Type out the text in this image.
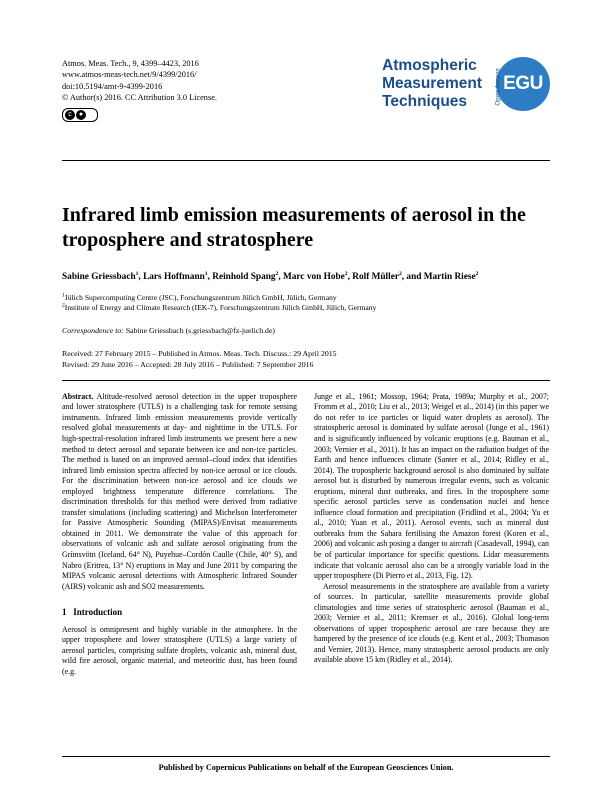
Atmos. Meas. Tech., 9, 4399–4423, 2016
www.atmos-meas-tech.net/9/4399/2016/
doi:10.5194/amt-9-4399-2016
© Author(s) 2016. CC Attribution 3.0 License.
c	●
Atmospheric
Measurement
Techniques	Open Access EGU
Infrared limb emission measurements of aerosol in the troposphere and stratosphere
Sabine Griessbach$^1$, Lars Hoffmann$^1$, Reinhold Spang$^2$, Marc von Hobe$^2$, Rolf Müller$^2$, and Martin Riese$^2$
$^1$Jülich Supercomputing Centre (JSC), Forschungszentrum Jülich GmbH, Jülich, Germany
$^2$Institute of Energy and Climate Research (IEK-7), Forschungszentrum Jülich GmbH, Jülich, Germany
Correspondence to: Sabine Griessbach (s.griessbach@fz-juelich.de)
Received: 27 February 2015 – Published in Atmos. Meas. Tech. Discuss.: 29 April 2015
Revised: 29 June 2016 – Accepted: 28 July 2016 – Published: 7 September 2016

Abstract. Altitude-resolved aerosol detection in the upper troposphere and lower stratosphere (UTLS) is a challenging task for remote sensing instruments. Infrared limb emission measurements provide vertically resolved global measurements at day- and nighttime in the UTLS. For high-spectral-resolution infrared limb instruments we present here a new method to detect aerosol and separate between ice and non-ice particles. The method is based on an improved aerosol–cloud index that identifies infrared limb emission spectra affected by non-ice aerosol or ice clouds. For the discrimination between non-ice aerosol and ice clouds we employed brightness temperature difference correlations. The discrimination thresholds for this method were derived from radiative transfer simulations (including scattering) and Michelson Interferometer for Passive Atmospheric Sounding (MIPAS)/Envisat measurements obtained in 2011. We demonstrate the value of this approach for observations of volcanic ash and sulfate aerosol originating from the Grímsvötn (Iceland, 64° N), Puyehue–Cordón Caulle (Chile, 40° S), and Nabro (Eritrea, 13° N) eruptions in May and June 2011 by comparing the MIPAS volcanic aerosol detections with Atmospheric Infrared Sounder (AIRS) volcanic ash and SO2 measurements.

1 Introduction

Aerosol is omnipresent and highly variable in the atmosphere. In the upper troposphere and lower stratosphere (UTLS) a large variety of aerosol particles, comprising sulfate droplets, volcanic ash, mineral dust, wild fire aerosol, organic material, and meteoritic dust, has been found (e.g.

Junge et al., 1961; Mossop, 1964; Prata, 1989a; Murphy et al., 2007; Fromm et al., 2010; Liu et al., 2013; Weigel et al., 2014) (in this paper we do not refer to ice particles or liquid water droplets as aerosol). The stratospheric aerosol is dominated by sulfate aerosol (Junge et al., 1961) and is significantly influenced by volcanic eruptions (e.g. Bauman et al., 2003; Vernier et al., 2011). It has an impact on the radiation budget of the Earth and hence influences climate (Santer et al., 2014; Ridley et al., 2014). The tropospheric background aerosol is also dominated by sulfate aerosol but is disturbed by numerous irregular events, such as volcanic eruptions, mineral dust outbreaks, and fires. In the troposphere some specific aerosol particles serve as condensation nuclei and hence influence cloud formation and precipitation (Fridlind et al., 2004; Yu et al., 2010; Yuan et al., 2011). Aerosol events, such as mineral dust outbreaks from the Sahara fertilising the Amazon forest (Koren et al., 2006) and volcanic ash posing a danger to aircraft (Casadevall, 1994), can be of particular importance for specific questions. Lidar measurements indicate that volcanic aerosol also can be a strongly variable load in the upper troposphere (Di Pierro et al., 2013, Fig. 12).

Aerosol measurements in the stratosphere are available from a variety of sources. In particular, satellite measurements provide global climatologies and time series of stratospheric aerosol (Bauman et al., 2003; Vernier et al., 2011; Kremser et al., 2016). Global long-term observations of upper tropospheric aerosol are rare because they are hampered by the presence of ice clouds (e.g. Kent et al., 2003; Thomason and Vernier, 2013). Hence, many stratospheric aerosol products are only available above 15 km (Ridley et al., 2014).

Published by Copernicus Publications on behalf of the European Geosciences Union.
